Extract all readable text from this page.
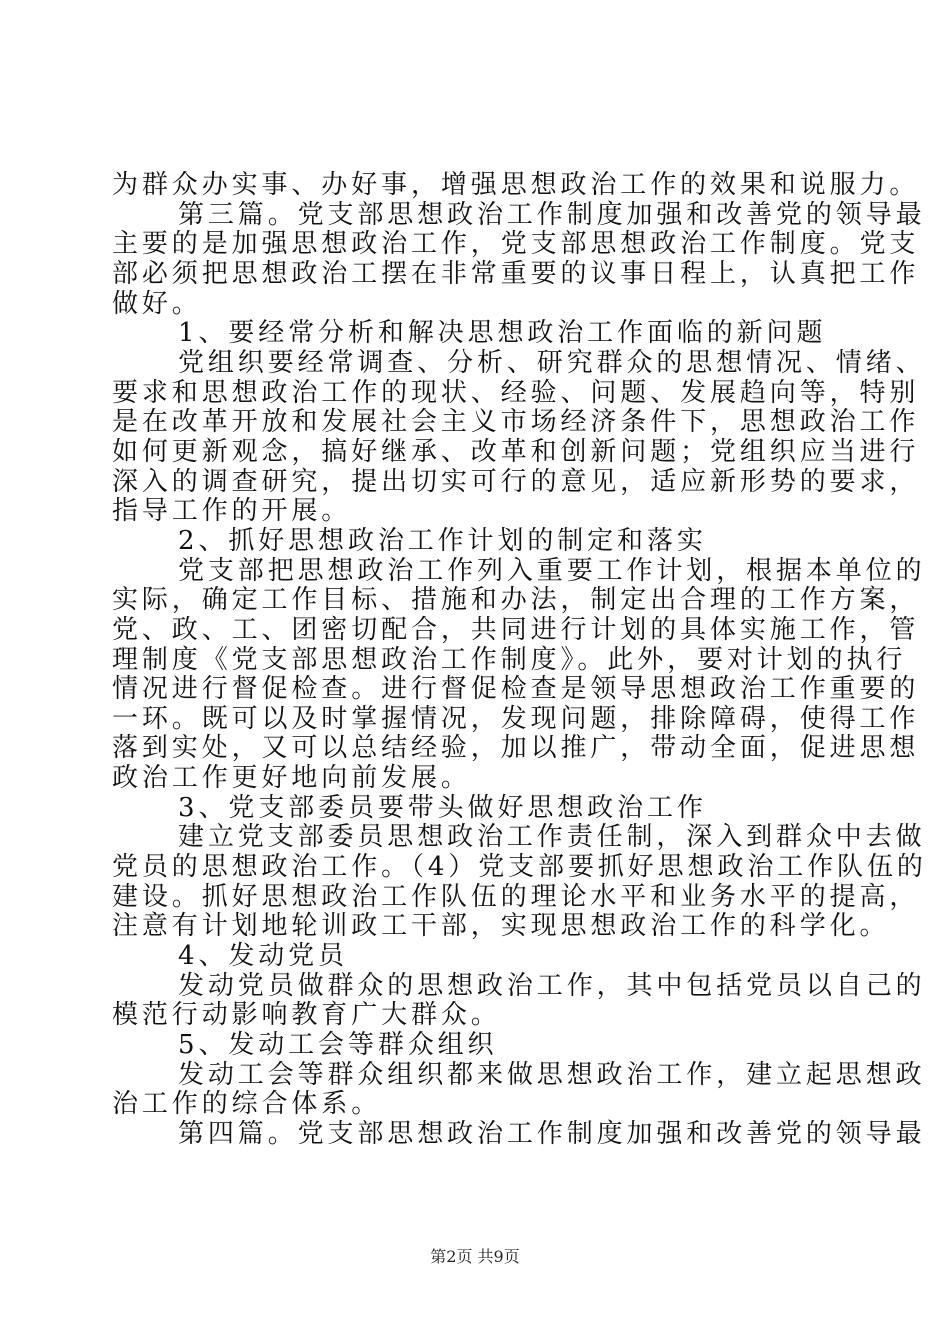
为群众办实事、办好事，增强思想政治工作的效果和说服力。
第三篇。党支部思想政治工作制度加强和改善党的领导最
主要的是加强思想政治工作，党支部思想政治工作制度。党支
部必须把思想政治工摆在非常重要的议事日程上，认真把工作
做好。
1、要经常分析和解决思想政治工作面临的新问题
党组织要经常调查、分析、研究群众的思想情况、情绪、
要求和思想政治工作的现状、经验、问题、发展趋向等，特别
是在改革开放和发展社会主义市场经济条件下，思想政治工作
如何更新观念，搞好继承、改革和创新问题；党组织应当进行
深入的调查研究，提出切实可行的意见，适应新形势的要求，
指导工作的开展。
2、抓好思想政治工作计划的制定和落实
党支部把思想政治工作列入重要工作计划，根据本单位的
实际，确定工作目标、措施和办法，制定出合理的工作方案，
党、政、工、团密切配合，共同进行计划的具体实施工作，管
理制度《党支部思想政治工作制度》。此外，要对计划的执行
情况进行督促检查。进行督促检查是领导思想政治工作重要的
一环。既可以及时掌握情况，发现问题，排除障碍，使得工作
落到实处，又可以总结经验，加以推广，带动全面，促进思想
政治工作更好地向前发展。
3、党支部委员要带头做好思想政治工作
建立党支部委员思想政治工作责任制，深入到群众中去做
党员的思想政治工作。（4）党支部要抓好思想政治工作队伍的
建设。抓好思想政治工作队伍的理论水平和业务水平的提高，
注意有计划地轮训政工干部，实现思想政治工作的科学化。
4、发动党员
发动党员做群众的思想政治工作，其中包括党员以自己的
模范行动影响教育广大群众。
5、发动工会等群众组织
发动工会等群众组织都来做思想政治工作，建立起思想政
治工作的综合体系。
第四篇。党支部思想政治工作制度加强和改善党的领导最
第2页 共9页
